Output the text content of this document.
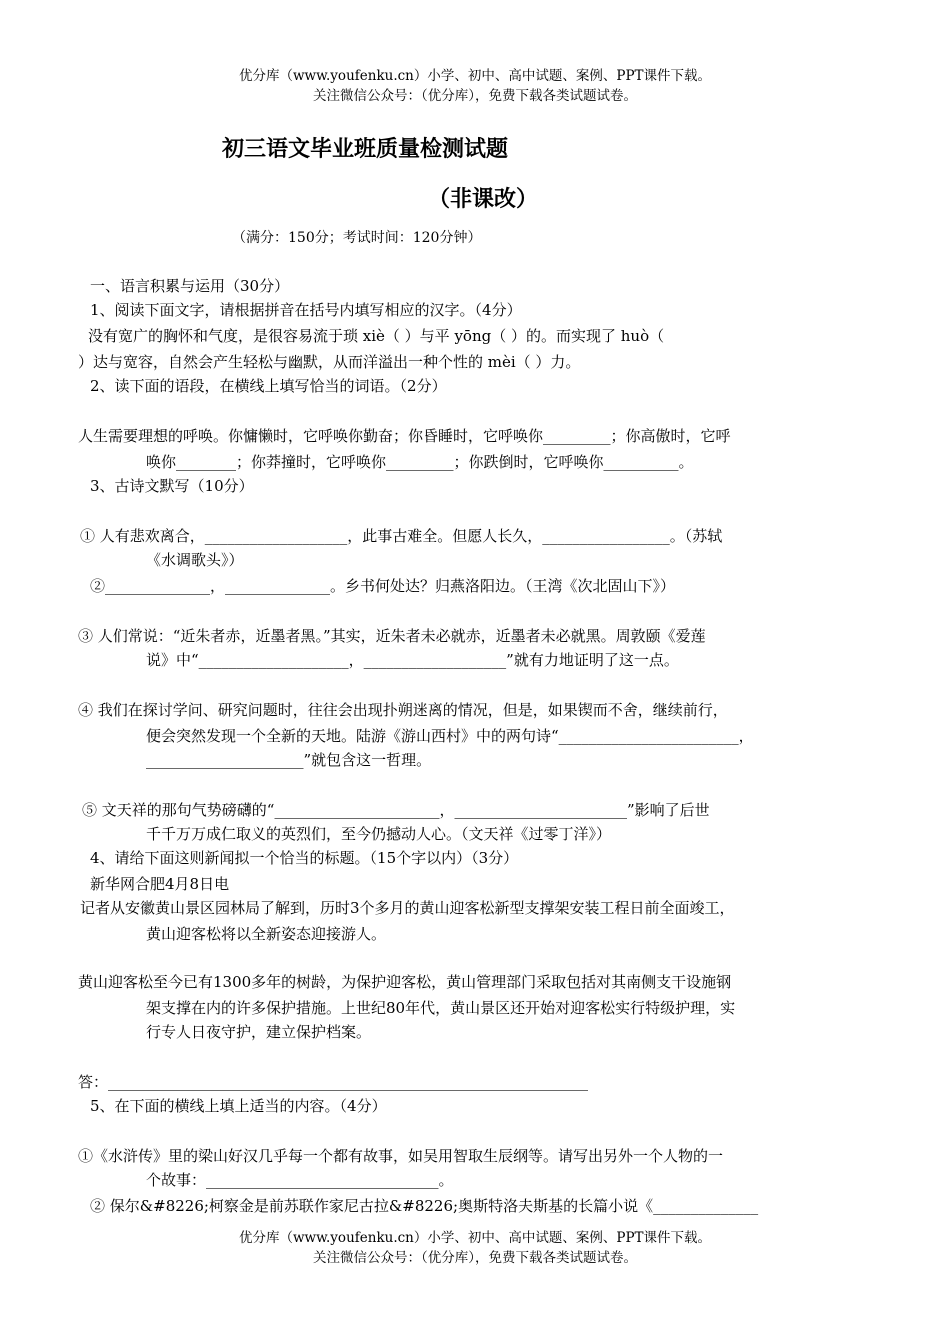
优分库（www.youfenku.cn）小学、初中、高中试题、案例、PPT课件下载。
关注微信公众号：（优分库），免费下载各类试题试卷。
初三语文毕业班质量检测试题
（非课改）
（满分：150分；考试时间：120分钟）
一、语言积累与运用（30分）
1、阅读下面文字，请根据拼音在括号内填写相应的汉字。（4分）
没有宽广的胸怀和气度，是很容易流于琐 xiè（ ）与平 yōng（ ）的。而实现了 huò（
）达与宽容，自然会产生轻松与幽默，从而洋溢出一种个性的 mèi（ ）力。
2、读下面的语段，在横线上填写恰当的词语。（2分）
人生需要理想的呼唤。你慵懒时，它呼唤你勤奋；你昏睡时，它呼唤你_________；你高傲时，它呼
唤你________；你莽撞时，它呼唤你_________；你跌倒时，它呼唤你__________。
3、古诗文默写（10分）
① 人有悲欢离合，___________________，此事古难全。但愿人长久，_________________。（苏轼
《水调歌头》）
②______________，______________。乡书何处达？归燕洛阳边。（王湾《次北固山下》）
③ 人们常说：“近朱者赤，近墨者黑。”其实，近朱者未必就赤，近墨者未必就黑。周敦颐《爱莲
说》中“____________________，___________________”就有力地证明了这一点。
④ 我们在探讨学问、研究问题时，往往会出现扑朔迷离的情况，但是，如果锲而不舍，继续前行，
便会突然发现一个全新的天地。陆游《游山西村》中的两句诗“________________________，
_____________________”就包含这一哲理。
⑤ 文天祥的那句气势磅礴的“______________________，_______________________”影响了后世
千千万万成仁取义的英烈们，至今仍撼动人心。（文天祥《过零丁洋》）
4、请给下面这则新闻拟一个恰当的标题。（15个字以内）（3分）
新华网合肥4月8日电
记者从安徽黄山景区园林局了解到，历时3个多月的黄山迎客松新型支撑架安装工程日前全面竣工，
黄山迎客松将以全新姿态迎接游人。
黄山迎客松至今已有1300多年的树龄，为保护迎客松，黄山管理部门采取包括对其南侧支干设施钢
架支撑在内的许多保护措施。上世纪80年代，黄山景区还开始对迎客松实行特级护理，实
行专人日夜守护，建立保护档案。
答：________________________________________________________________
5、在下面的横线上填上适当的内容。（4分）
①《水浒传》里的梁山好汉几乎每一个都有故事，如吴用智取生辰纲等。请写出另外一个人物的一
个故事：_______________________________。
② 保尔&#8226;柯察金是前苏联作家尼古拉&#8226;奥斯特洛夫斯基的长篇小说《______________
优分库（www.youfenku.cn）小学、初中、高中试题、案例、PPT课件下载。
关注微信公众号：（优分库），免费下载各类试题试卷。
